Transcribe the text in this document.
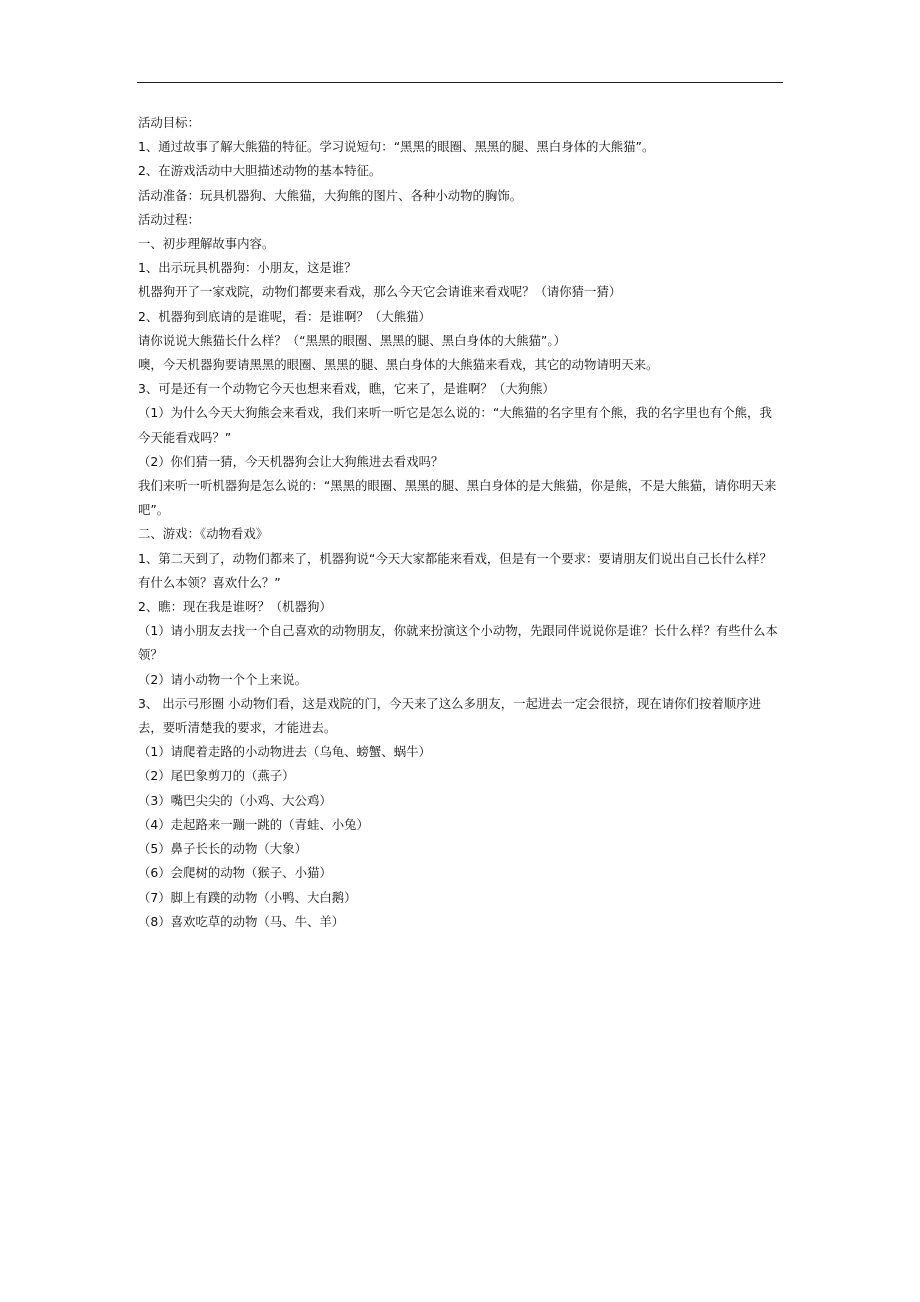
活动目标：
1、通过故事了解大熊猫的特征。学习说短句：“黑黑的眼圈、黑黑的腿、黑白身体的大熊猫”。
2、在游戏活动中大胆描述动物的基本特征。
活动准备：玩具机器狗、大熊猫，大狗熊的图片、各种小动物的胸饰。
活动过程：
一、初步理解故事内容。
1、出示玩具机器狗：小朋友，这是谁？
机器狗开了一家戏院，动物们都要来看戏，那么今天它会请谁来看戏呢？（请你猜一猜）
2、机器狗到底请的是谁呢，看：是谁啊？（大熊猫）
请你说说大熊猫长什么样？（“黑黑的眼圈、黑黑的腿、黑白身体的大熊猫”。）
噢，今天机器狗要请黑黑的眼圈、黑黑的腿、黑白身体的大熊猫来看戏，其它的动物请明天来。
3、可是还有一个动物它今天也想来看戏，瞧，它来了，是谁啊？（大狗熊）
（1）为什么今天大狗熊会来看戏，我们来听一听它是怎么说的：“大熊猫的名字里有个熊，我的名字里也有个熊，我今天能看戏吗？”
（2）你们猜一猜，今天机器狗会让大狗熊进去看戏吗？
我们来听一听机器狗是怎么说的：“黑黑的眼圈、黑黑的腿、黑白身体的是大熊猫，你是熊，不是大熊猫，请你明天来吧”。
二、游戏：《动物看戏》
1、第二天到了，动物们都来了，机器狗说“今天大家都能来看戏，但是有一个要求：要请朋友们说出自己长什么样？有什么本领？喜欢什么？”
2、瞧：现在我是谁呀？（机器狗）
（1）请小朋友去找一个自己喜欢的动物朋友，你就来扮演这个小动物，先跟同伴说说你是谁？长什么样？有些什么本领？
（2）请小动物一个个上来说。
3、 出示弓形圈 小动物们看，这是戏院的门，今天来了这么多朋友，一起进去一定会很挤，现在请你们按着顺序进去，要听清楚我的要求，才能进去。
（1）请爬着走路的小动物进去（乌龟、螃蟹、蜗牛）
（2）尾巴象剪刀的（燕子）
（3）嘴巴尖尖的（小鸡、大公鸡）
（4）走起路来一蹦一跳的（青蛙、小兔）
（5）鼻子长长的动物（大象）
（6）会爬树的动物（猴子、小猫）
（7）脚上有蹼的动物（小鸭、大白鹅）
（8）喜欢吃草的动物（马、牛、羊）
